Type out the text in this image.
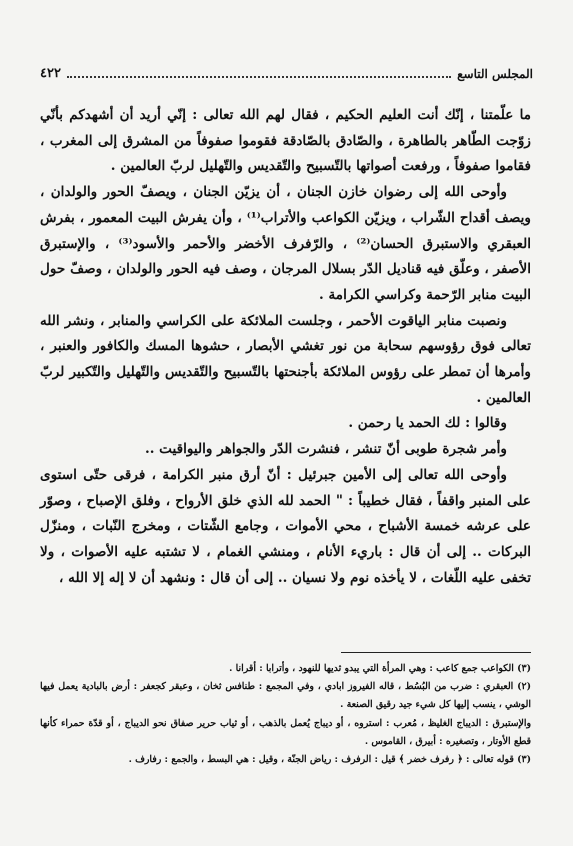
المجلس التاسع
٤٢٢

ما علّمتنا ، إنّك أنت العليم الحكيم ، فقال لهم الله تعالى : إنّي أريد أن أشهدكم بأنّي زوّجت الطّاهر بالطاهرة ، والصّادق بالصّادقة فقوموا صفوفاً من المشرق إلى المغرب ، فقاموا صفوفاً ، ورفعت أصواتها بالتّسبيح والتّقديس والتّهليل لربّ العالمين .

وأوحى الله إلى رضوان خازن الجنان ، أن يزيّن الجنان ، ويصفّ الحور والولدان ، ويصف أقداح الشّراب ، ويزيّن الكواعب والأتراب⁽¹⁾ ، وأن يفرش البيت المعمور ، بفرش العبقري والاستبرق الحسان⁽²⁾ ، والرّفرف الأخضر والأحمر والأسود⁽³⁾ ، والإستبرق الأصفر ، وعلّق فيه قناديل الدّر بسلال المرجان ، وصف فيه الحور والولدان ، وصفّ حول البيت منابر الرّحمة وكراسي الكرامة .

ونصبت منابر الياقوت الأحمر ، وجلست الملائكة على الكراسي والمنابر ، ونشر الله تعالى فوق رؤوسهم سحابة من نور تغشي الأبصار ، حشوها المسك والكافور والعنبر ، وأمرها أن تمطر على رؤوس الملائكة بأجنحتها بالتّسبيح والتّقديس والتّهليل والتّكبير لربّ العالمين .

وقالوا : لك الحمد يا رحمن .

وأمر شجرة طوبى أنّ تنشر ، فنشرت الدّر والجواهر واليواقيت ..

وأوحى الله تعالى إلى الأمين جبرئيل : أنّ أرق منبر الكرامة ، فرقى حتّى استوى على المنبر واقفاً ، فقال خطيباً : " الحمد لله الذي خلق الأرواح ، وفلق الإصباح ، وصوّر على عرشه خمسة الأشباح ، محي الأموات ، وجامع الشّتات ، ومخرج النّبات ، ومنزّل البركات .. إلى أن قال : باريء الأنام ، ومنشي الغمام ، لا تشتبه عليه الأصوات ، ولا تخفى عليه اللّغات ، لا يأخذه نوم ولا نسيان .. إلى أن قال : ونشهد أن لا إله إلا الله ،

(٣) الكواعب جمع كاعب : وهي المرأة التي يبدو ثديها للنهود ، وأترابا : أقرانا .

(٢) العبقري : ضرب من البُسُط ، قاله الفيروز ابادي ، وفي المجمع : طنافس ثخان ، وعبقر كجعفر : أرض بالبادية يعمل فيها الوشي ، ينسب إليها كل شيء جيد رقيق الصنعة .

والإستبرق : الديباج الغليظ ، مُعرب : استروه ، أو ديباج يُعمل بالذهب ، أو ثياب حرير صفاق نحو الديباج ، أو قدّة حمراء كأنها قطع الأوتار ، وتصغيره : أبيرق ، القاموس .

(٣) قوله تعالى : ﴿ رفرف خضر ﴾ قيل : الرفرف : رياض الجنّة ، وقيل : هي البسط ، والجمع : رفارف .
